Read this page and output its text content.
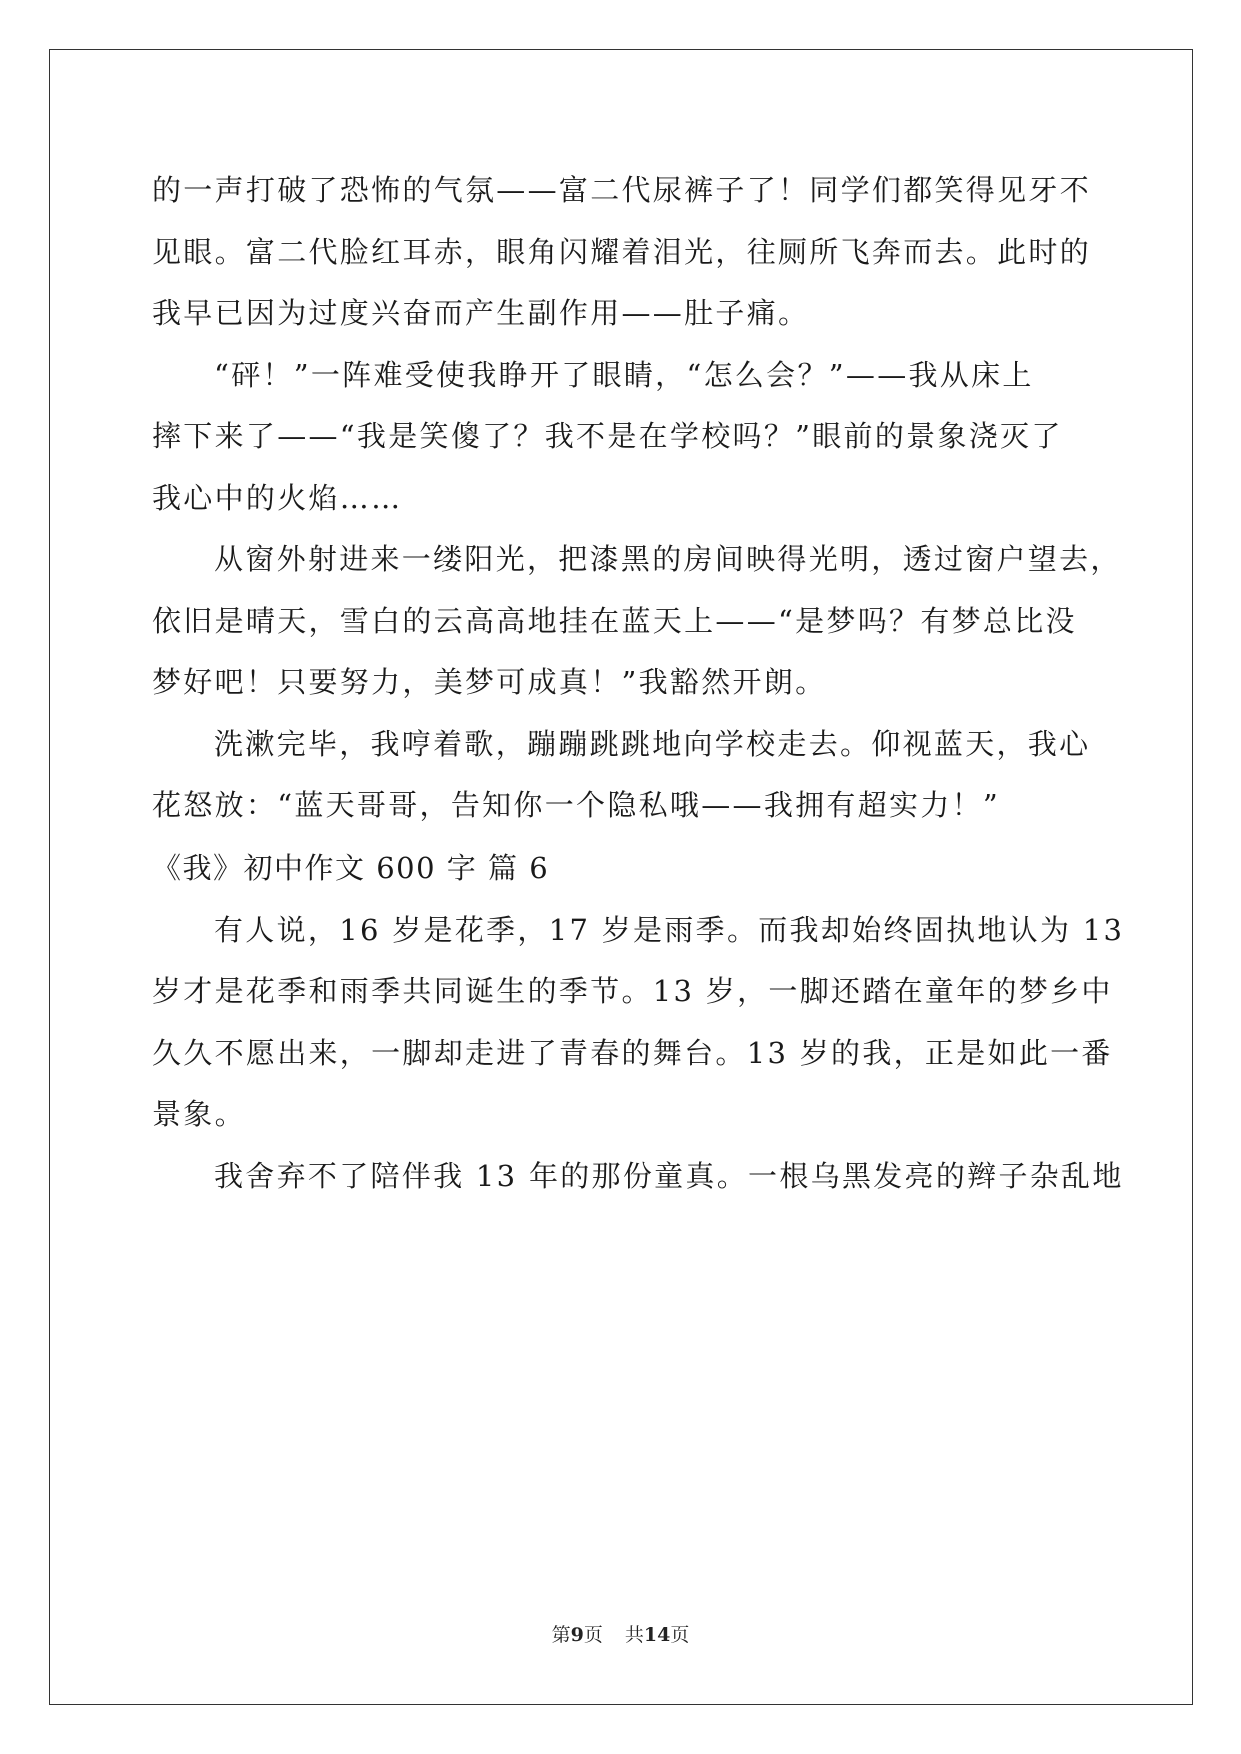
的一声打破了恐怖的气氛——富二代尿裤子了！同学们都笑得见牙不
见眼。富二代脸红耳赤，眼角闪耀着泪光，往厕所飞奔而去。此时的
我早已因为过度兴奋而产生副作用——肚子痛。
“砰！”一阵难受使我睁开了眼睛，“怎么会？”——我从床上
摔下来了——“我是笑傻了？我不是在学校吗？”眼前的景象浇灭了
我心中的火焰……
从窗外射进来一缕阳光，把漆黑的房间映得光明，透过窗户望去，
依旧是晴天，雪白的云高高地挂在蓝天上——“是梦吗？有梦总比没
梦好吧！只要努力，美梦可成真！”我豁然开朗。
洗漱完毕，我哼着歌，蹦蹦跳跳地向学校走去。仰视蓝天，我心
花怒放：“蓝天哥哥，告知你一个隐私哦——我拥有超实力！”
《我》初中作文 600 字 篇 6
有人说，16 岁是花季，17 岁是雨季。而我却始终固执地认为 13
岁才是花季和雨季共同诞生的季节。13 岁，一脚还踏在童年的梦乡中
久久不愿出来，一脚却走进了青春的舞台。13 岁的我，正是如此一番
景象。
我舍弃不了陪伴我 13 年的那份童真。一根乌黑发亮的辫子杂乱地
第9页 共14页
